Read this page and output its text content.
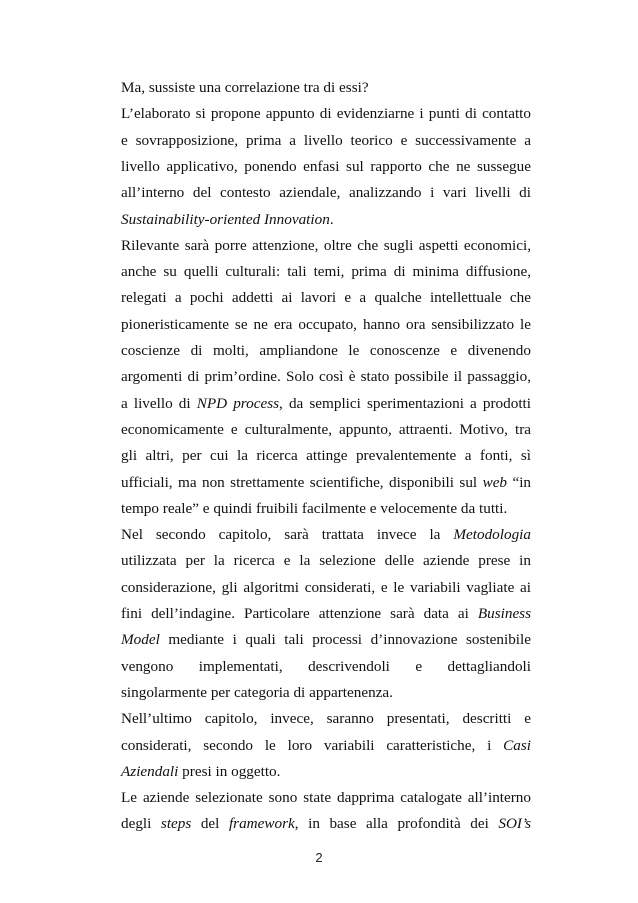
Ma, sussiste una correlazione tra di essi?
L’elaborato si propone appunto di evidenziarne i punti di contatto
e sovrapposizione, prima a livello teorico e successivamente a
livello applicativo, ponendo enfasi sul rapporto che ne sussegue
all’interno del contesto aziendale, analizzando i vari livelli di
Sustainability-oriented Innovation.
Rilevante sarà porre attenzione, oltre che sugli aspetti economici,
anche su quelli culturali: tali temi, prima di minima diffusione,
relegati a pochi addetti ai lavori e a qualche intellettuale che
pioneristicamente se ne era occupato, hanno ora sensibilizzato le
coscienze di molti, ampliandone le conoscenze e divenendo
argomenti di prim’ordine. Solo così è stato possibile il passaggio,
a livello di NPD process, da semplici sperimentazioni a prodotti
economicamente e culturalmente, appunto, attraenti. Motivo, tra
gli altri, per cui la ricerca attinge prevalentemente a fonti, sì
ufficiali, ma non strettamente scientifiche, disponibili sul web “in
tempo reale” e quindi fruibili facilmente e velocemente da tutti.
Nel secondo capitolo, sarà trattata invece la Metodologia
utilizzata per la ricerca e la selezione delle aziende prese in
considerazione, gli algoritmi considerati, e le variabili vagliate ai
fini dell’indagine. Particolare attenzione sarà data ai Business
Model mediante i quali tali processi d’innovazione sostenibile
vengono implementati, descrivendoli e dettagliandoli
singolarmente per categoria di appartenenza.
Nell’ultimo capitolo, invece, saranno presentati, descritti e
considerati, secondo le loro variabili caratteristiche, i Casi
Aziendali presi in oggetto.
Le aziende selezionate sono state dapprima catalogate all’interno
degli steps del framework, in base alla profondità dei SOI’s
2
